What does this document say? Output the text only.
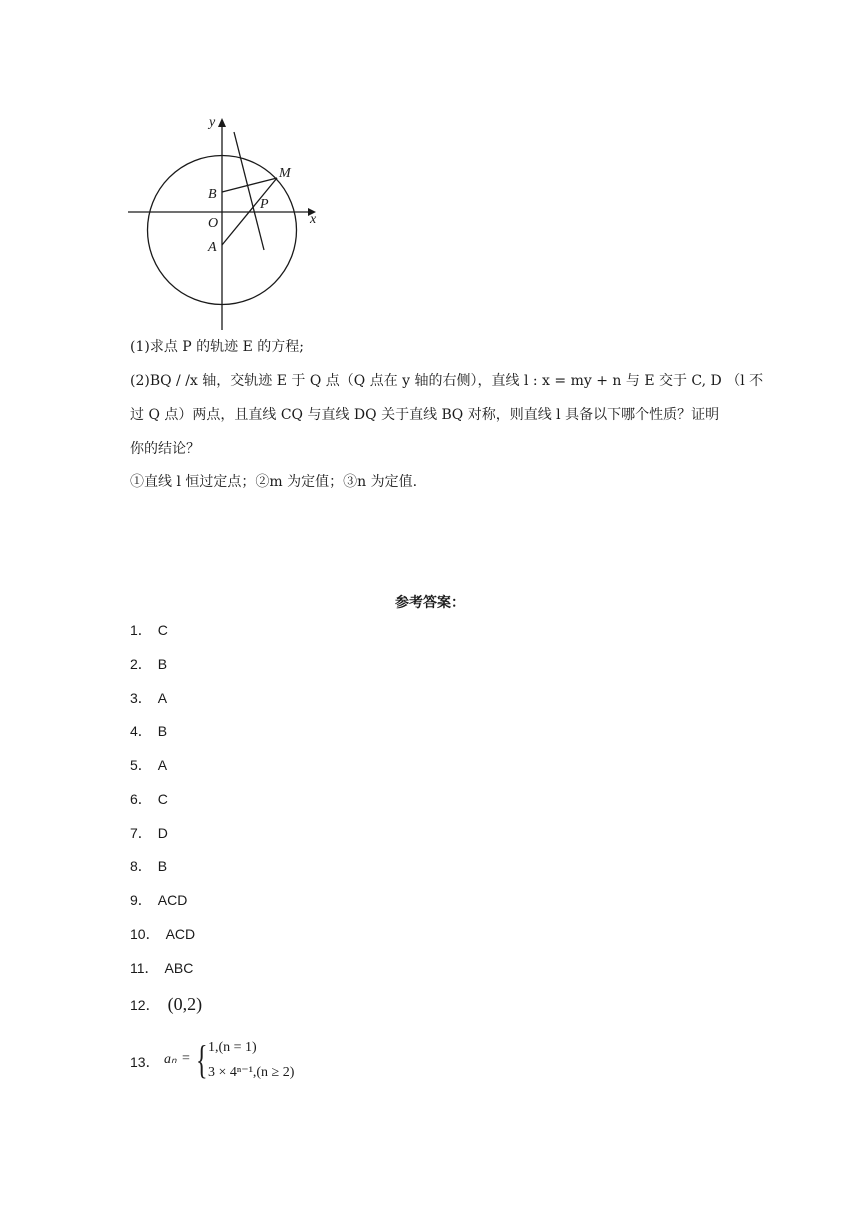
y
x
M
B
P
O
A
(1)求点 P 的轨迹 E 的方程;
(2)BQ / /x 轴，交轨迹 E 于 Q 点（Q 点在 y 轴的右侧），直线 l : x = my + n 与 E 交于 C, D （l 不
过 Q 点）两点，且直线 CQ 与直线 DQ 关于直线 BQ 对称，则直线 l 具备以下哪个性质？证明
你的结论？
①直线 l 恒过定点；②m 为定值；③n 为定值.
参考答案：
1． C
2． B
3． A
4． B
5． A
6． C
7． D
8． B
9． ACD
10． ACD
11． ABC
12． (0,2)
13． aₙ = { 1,(n = 1)
3 × 4ⁿ⁻¹,(n ≥ 2)
